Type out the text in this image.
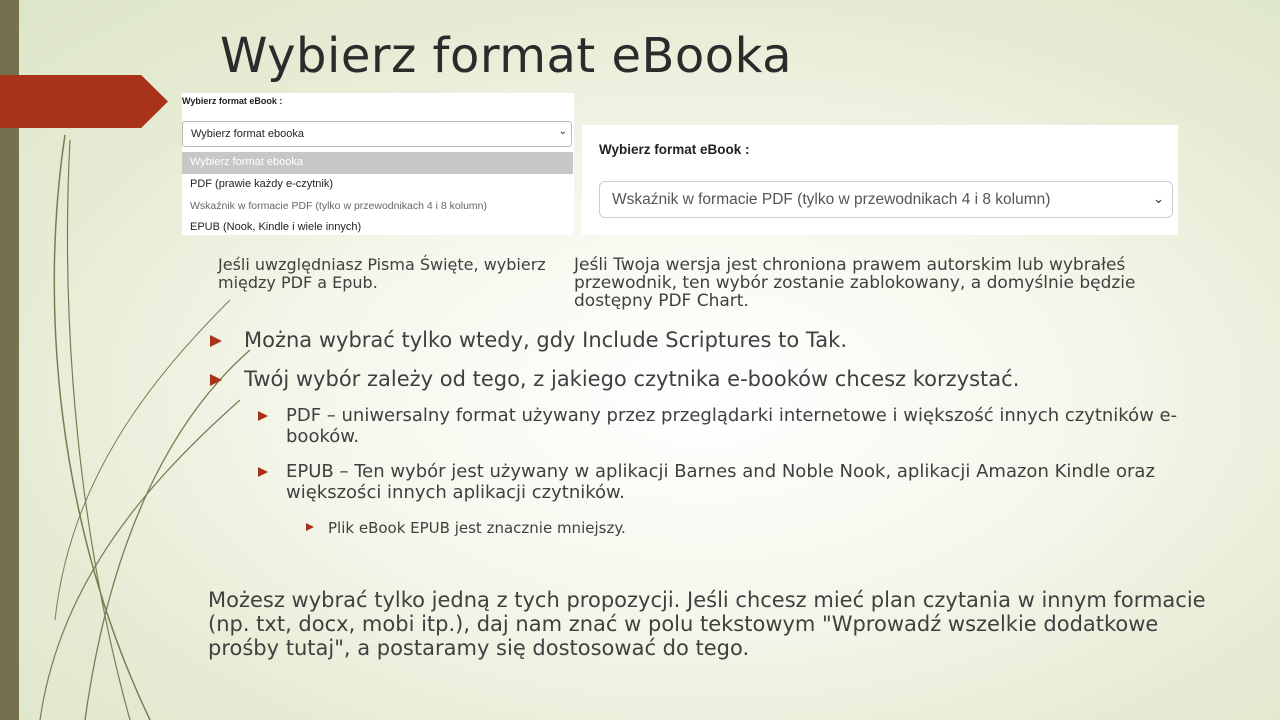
Wybierz format eBooka
Wybierz format eBook :
Wybierz format ebooka	⌄
Wybierz format ebooka
PDF (prawie każdy e-czytnik)
Wskaźnik w formacie PDF (tylko w przewodnikach 4 i 8 kolumn)
EPUB (Nook, Kindle i wiele innych)
Wybierz format eBook :
Wskaźnik w formacie PDF (tylko w przewodnikach 4 i 8 kolumn)	⌄
Jeśli uwzględniasz Pisma Święte, wybierz między PDF a Epub.
Jeśli Twoja wersja jest chroniona prawem autorskim lub wybrałeś przewodnik, ten wybór zostanie zablokowany, a domyślnie będzie dostępny PDF Chart.
Można wybrać tylko wtedy, gdy Include Scriptures to Tak.
Twój wybór zależy od tego, z jakiego czytnika e-booków chcesz korzystać.
PDF – uniwersalny format używany przez przeglądarki internetowe i większość innych czytników e-booków.
EPUB – Ten wybór jest używany w aplikacji Barnes and Noble Nook, aplikacji Amazon Kindle oraz większości innych aplikacji czytników.
Plik eBook EPUB jest znacznie mniejszy.
Możesz wybrać tylko jedną z tych propozycji. Jeśli chcesz mieć plan czytania w innym formacie (np. txt, docx, mobi itp.), daj nam znać w polu tekstowym "Wprowadź wszelkie dodatkowe prośby tutaj", a postaramy się dostosować do tego.
